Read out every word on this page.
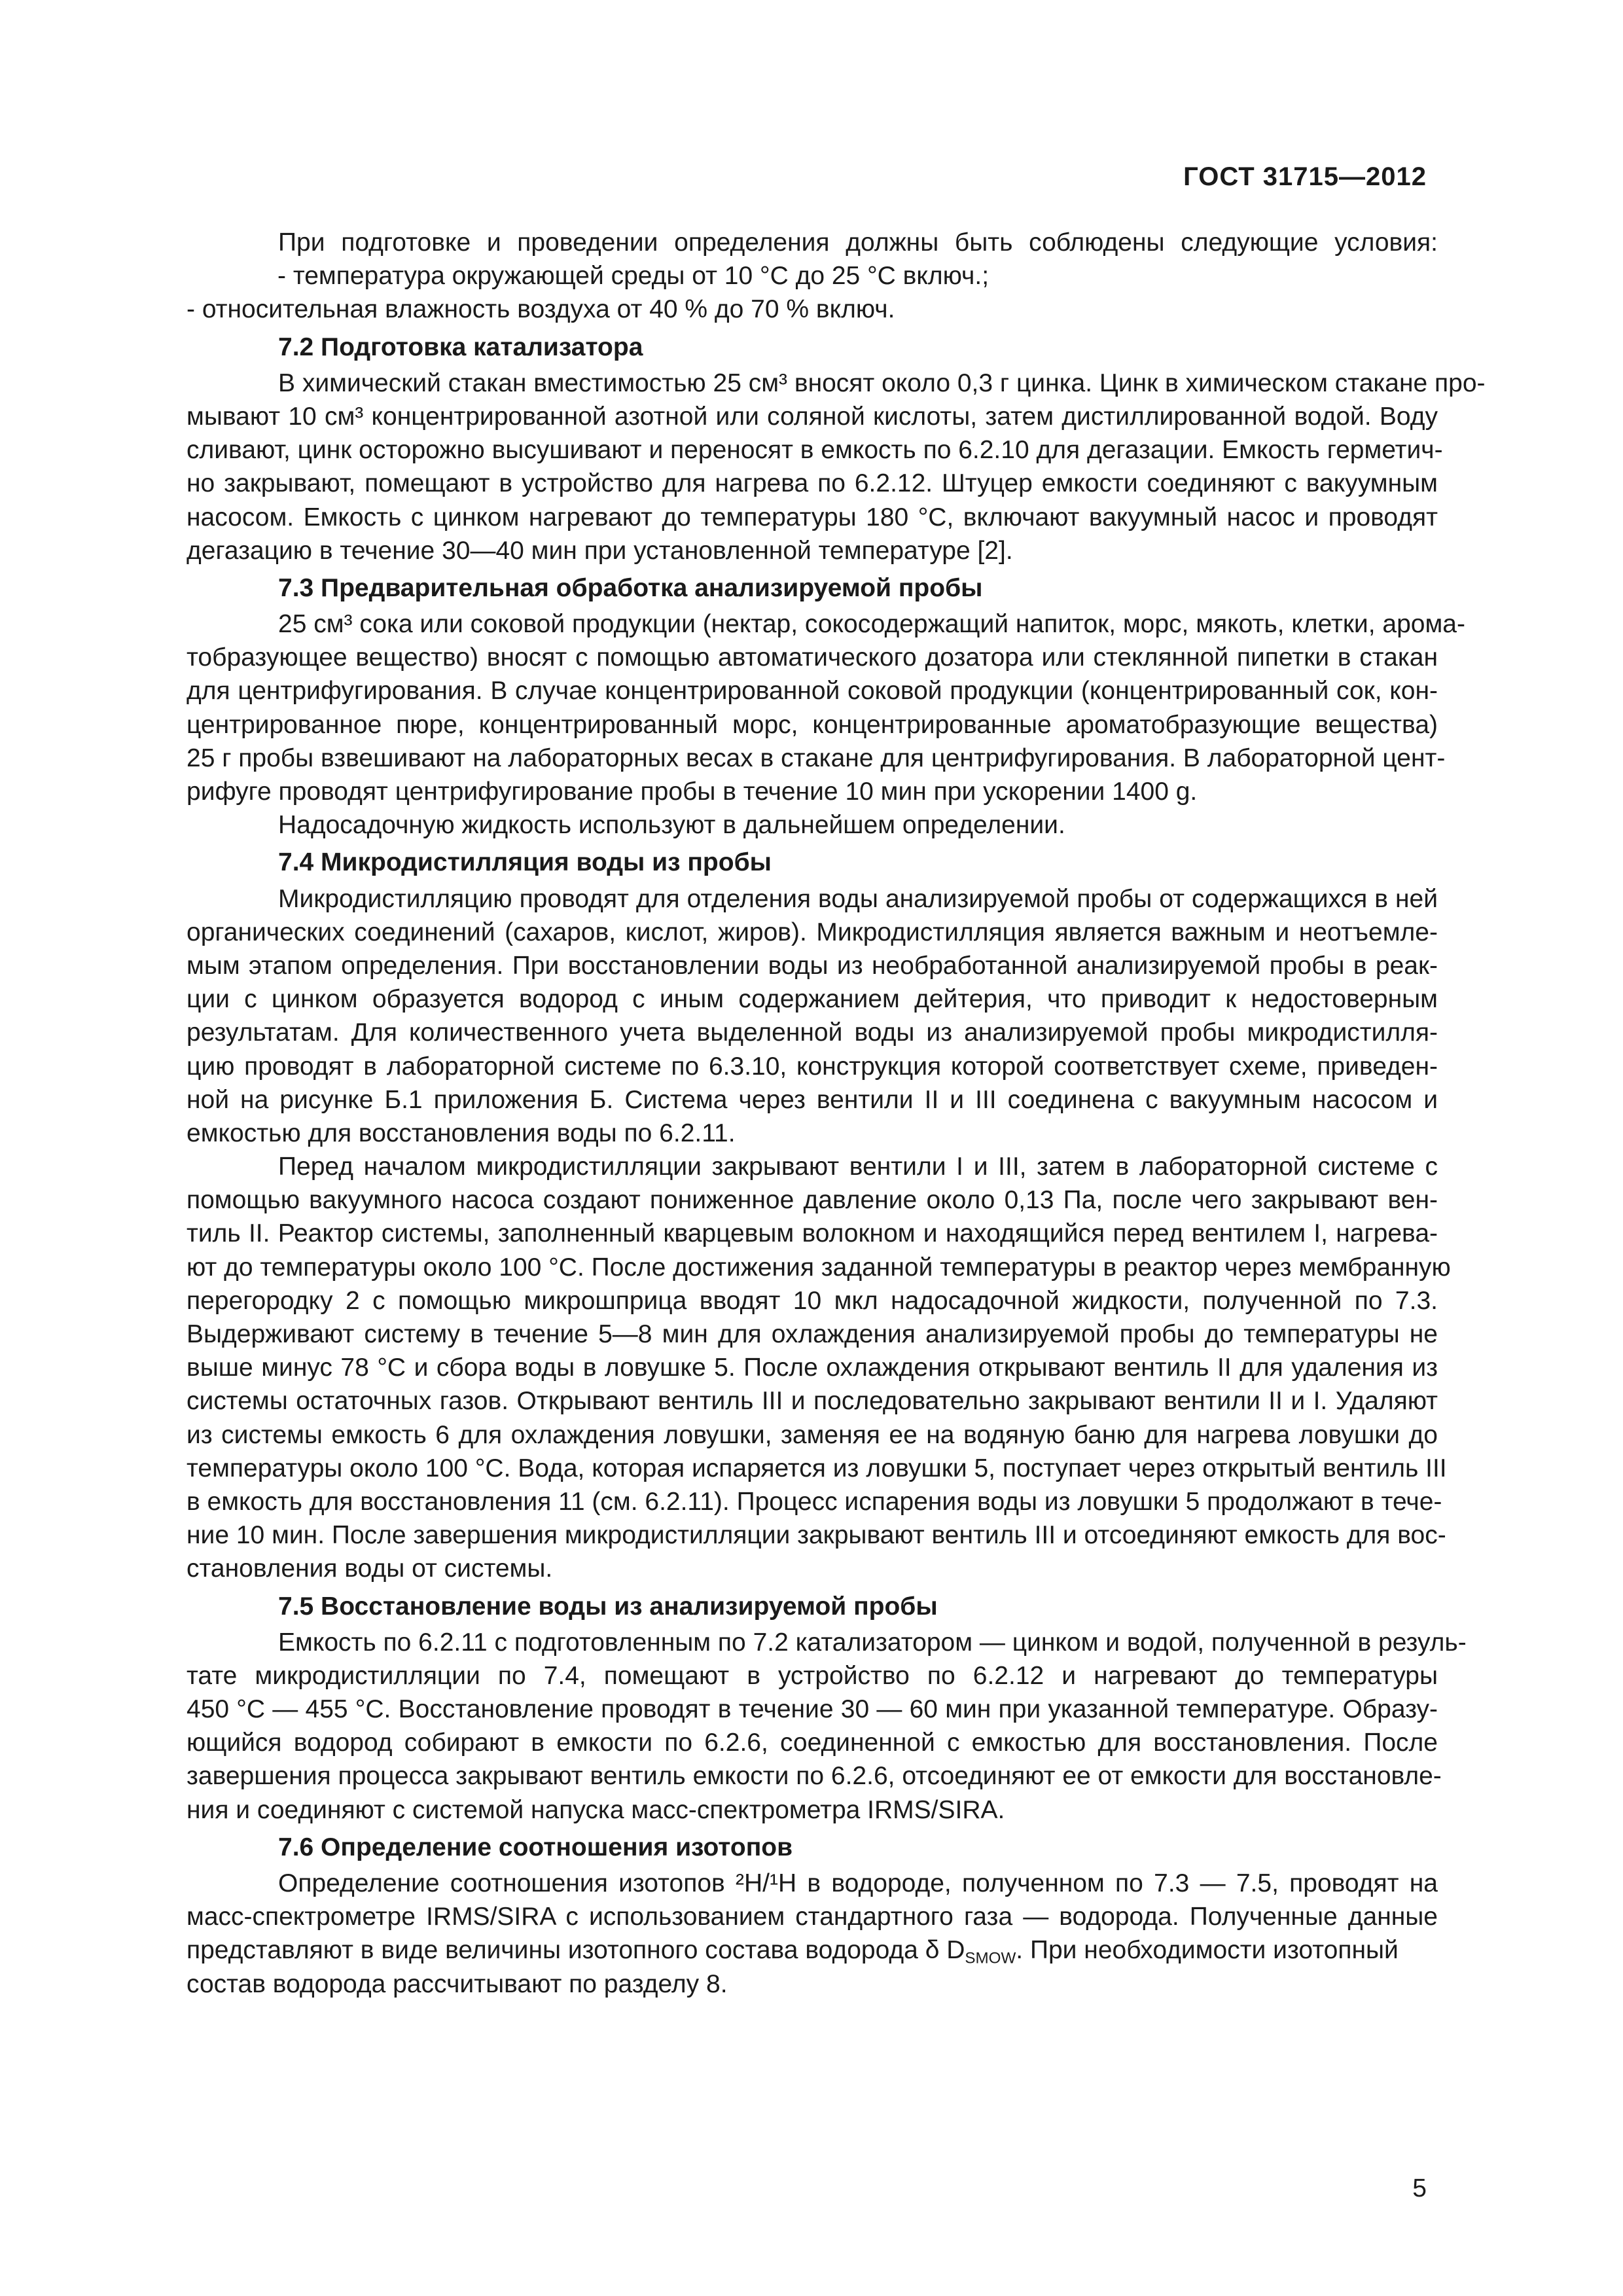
ГОСТ 31715—2012
При подготовке и проведении определения должны быть соблюдены следующие условия:
- температура окружающей среды от 10 °С до 25 °С включ.;
- относительная влажность воздуха от 40 % до 70 % включ.
7.2 Подготовка катализатора
В химический стакан вместимостью 25 см³ вносят около 0,3 г цинка. Цинк в химическом стакане про-
мывают 10 см³ концентрированной азотной или соляной кислоты, затем дистиллированной водой. Воду
сливают, цинк осторожно высушивают и переносят в емкость по 6.2.10 для дегазации. Емкость герметич-
но закрывают, помещают в устройство для нагрева по 6.2.12. Штуцер емкости соединяют с вакуумным
насосом. Емкость с цинком нагревают до температуры 180 °С, включают вакуумный насос и проводят
дегазацию в течение 30—40 мин при установленной температуре [2].
7.3 Предварительная обработка анализируемой пробы
25 см³ сока или соковой продукции (нектар, сокосодержащий напиток, морс, мякоть, клетки, арома-
тобразующее вещество) вносят с помощью автоматического дозатора или стеклянной пипетки в стакан
для центрифугирования. В случае концентрированной соковой продукции (концентрированный сок, кон-
центрированное пюре, концентрированный морс, концентрированные ароматобразующие вещества)
25 г пробы взвешивают на лабораторных весах в стакане для центрифугирования. В лабораторной цент-
рифуге проводят центрифугирование пробы в течение 10 мин при ускорении 1400 g.
Надосадочную жидкость используют в дальнейшем определении.
7.4 Микродистилляция воды из пробы
Микродистилляцию проводят для отделения воды анализируемой пробы от содержащихся в ней
органических соединений (сахаров, кислот, жиров). Микродистилляция является важным и неотъемле-
мым этапом определения. При восстановлении воды из необработанной анализируемой пробы в реак-
ции с цинком образуется водород с иным содержанием дейтерия, что приводит к недостоверным
результатам. Для количественного учета выделенной воды из анализируемой пробы микродистилля-
цию проводят в лабораторной системе по 6.3.10, конструкция которой соответствует схеме, приведен-
ной на рисунке Б.1 приложения Б. Система через вентили II и III соединена с вакуумным насосом и
емкостью для восстановления воды по 6.2.11.
Перед началом микродистилляции закрывают вентили I и III, затем в лабораторной системе с
помощью вакуумного насоса создают пониженное давление около 0,13 Па, после чего закрывают вен-
тиль II. Реактор системы, заполненный кварцевым волокном и находящийся перед вентилем I, нагрева-
ют до температуры около 100 °С. После достижения заданной температуры в реактор через мембранную
перегородку 2 с помощью микрошприца вводят 10 мкл надосадочной жидкости, полученной по 7.3.
Выдерживают систему в течение 5—8 мин для охлаждения анализируемой пробы до температуры не
выше минус 78 °С и сбора воды в ловушке 5. После охлаждения открывают вентиль II для удаления из
системы остаточных газов. Открывают вентиль III и последовательно закрывают вентили II и I. Удаляют
из системы емкость 6 для охлаждения ловушки, заменяя ее на водяную баню для нагрева ловушки до
температуры около 100 °С. Вода, которая испаряется из ловушки 5, поступает через открытый вентиль III
в емкость для восстановления 11 (см. 6.2.11). Процесс испарения воды из ловушки 5 продолжают в тече-
ние 10 мин. После завершения микродистилляции закрывают вентиль III и отсоединяют емкость для вос-
становления воды от системы.
7.5 Восстановление воды из анализируемой пробы
Емкость по 6.2.11 с подготовленным по 7.2 катализатором — цинком и водой, полученной в резуль-
тате микродистилляции по 7.4, помещают в устройство по 6.2.12 и нагревают до температуры
450 °С — 455 °С. Восстановление проводят в течение 30 — 60 мин при указанной температуре. Образу-
ющийся водород собирают в емкости по 6.2.6, соединенной с емкостью для восстановления. После
завершения процесса закрывают вентиль емкости по 6.2.6, отсоединяют ее от емкости для восстановле-
ния и соединяют с системой напуска масс-спектрометра IRMS/SIRA.
7.6 Определение соотношения изотопов
Определение соотношения изотопов ²H/¹H в водороде, полученном по 7.3 — 7.5, проводят на
масс-спектрометре IRMS/SIRA с использованием стандартного газа — водорода. Полученные данные
представляют в виде величины изотопного состава водорода δ $D_{SMOW}$. При необходимости изотопный
состав водорода рассчитывают по разделу 8.
5
